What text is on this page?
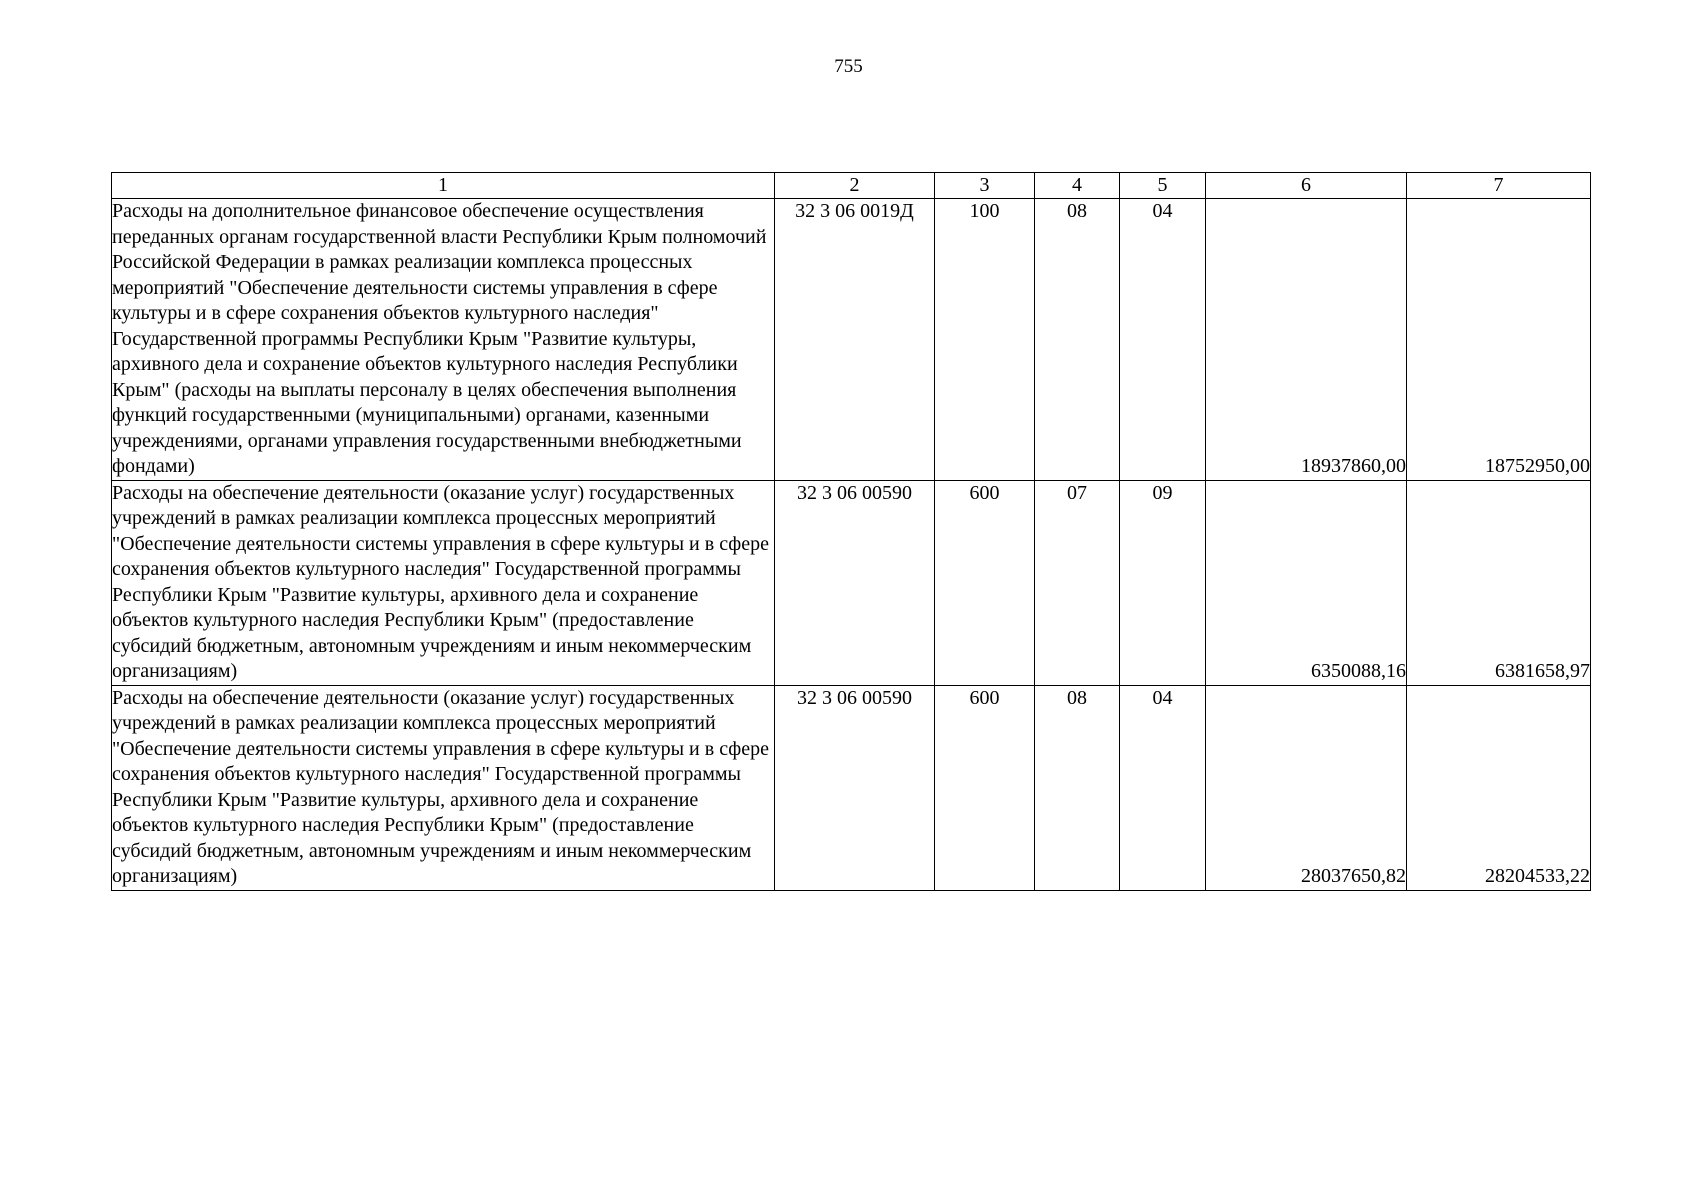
755
1	2	3	4	5	6	7
Расходы на дополнительное финансовое обеспечение осуществления переданных органам государственной власти Республики Крым полномочий Российской Федерации в рамках реализации комплекса процессных мероприятий "Обеспечение деятельности системы управления в сфере культуры и в сфере сохранения объектов культурного наследия" Государственной программы Республики Крым "Развитие культуры, архивного дела и сохранение объектов культурного наследия Республики Крым" (расходы на выплаты персоналу в целях обеспечения выполнения функций государственными (муниципальными) органами, казенными учреждениями, органами управления государственными внебюджетными фондами)	32 3 06 0019Д	100	08	04	18937860,00	18752950,00
Расходы на обеспечение деятельности (оказание услуг) государственных учреждений в рамках реализации комплекса процессных мероприятий "Обеспечение деятельности системы управления в сфере культуры и в сфере сохранения объектов культурного наследия" Государственной программы Республики Крым "Развитие культуры, архивного дела и сохранение объектов культурного наследия Республики Крым" (предоставление субсидий бюджетным, автономным учреждениям и иным некоммерческим организациям)	32 3 06 00590	600	07	09	6350088,16	6381658,97
Расходы на обеспечение деятельности (оказание услуг) государственных учреждений в рамках реализации комплекса процессных мероприятий "Обеспечение деятельности системы управления в сфере культуры и в сфере сохранения объектов культурного наследия" Государственной программы Республики Крым "Развитие культуры, архивного дела и сохранение объектов культурного наследия Республики Крым" (предоставление субсидий бюджетным, автономным учреждениям и иным некоммерческим организациям)	32 3 06 00590	600	08	04	28037650,82	28204533,22
